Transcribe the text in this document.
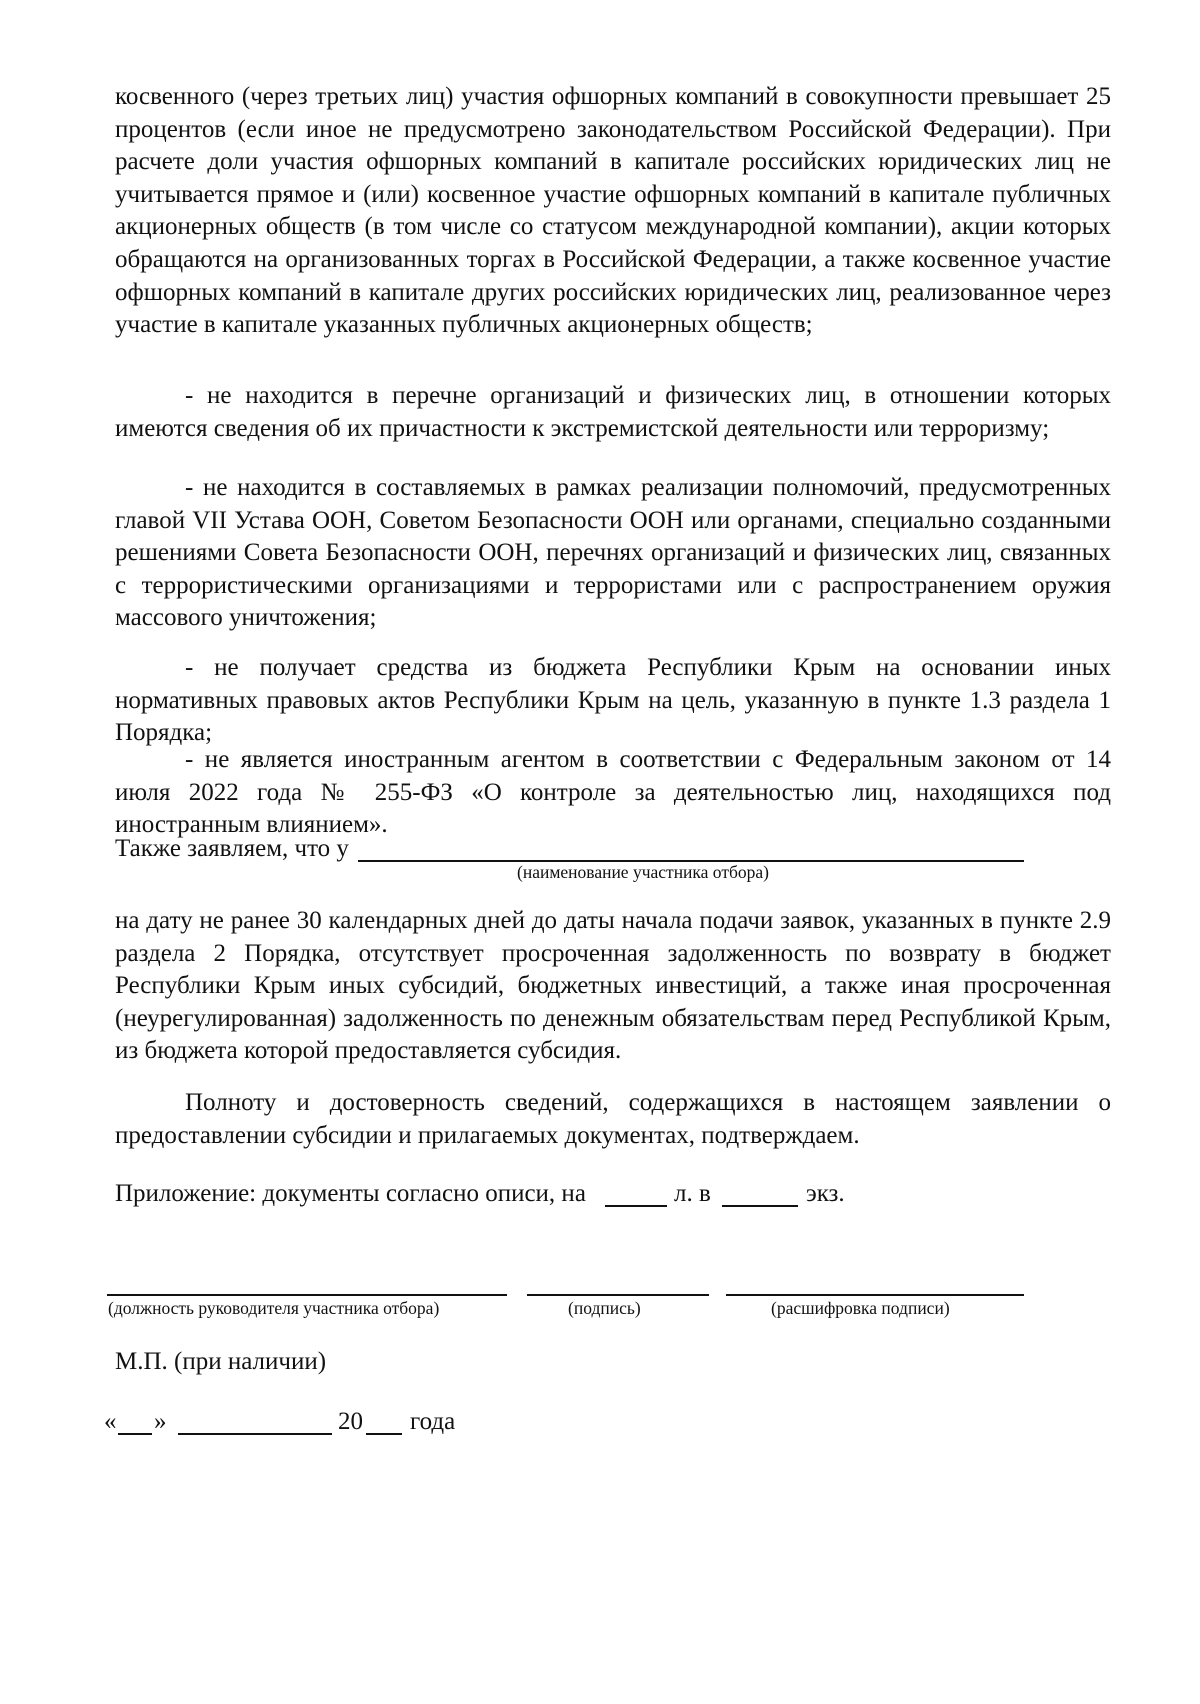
косвенного (через третьих лиц) участия офшорных компаний в совокупности превышает 25 процентов (если иное не предусмотрено законодательством Российской Федерации). При расчете доли участия офшорных компаний в капитале российских юридических лиц не учитывается прямое и (или) косвенное участие офшорных компаний в капитале публичных акционерных обществ (в том числе со статусом международной компании), акции которых обращаются на организованных торгах в Российской Федерации, а также косвенное участие офшорных компаний в капитале других российских юридических лиц, реализованное через участие в капитале указанных публичных акционерных обществ;

- не находится в перечне организаций и физических лиц, в отношении которых имеются сведения об их причастности к экстремистской деятельности или терроризму;

- не находится в составляемых в рамках реализации полномочий, предусмотренных главой VII Устава ООН, Советом Безопасности ООН или органами, специально созданными решениями Совета Безопасности ООН, перечнях организаций и физических лиц, связанных с террористическими организациями и террористами или с распространением оружия массового уничтожения;

- не получает средства из бюджета Республики Крым на основании иных нормативных правовых актов Республики Крым на цель, указанную в пункте 1.3 раздела 1 Порядка;

- не является иностранным агентом в соответствии с Федеральным законом от 14 июля 2022 года № 255-ФЗ «О контроле за деятельностью лиц, находящихся под иностранным влиянием».

Также заявляем, что у
(наименование участника отбора)

на дату не ранее 30 календарных дней до даты начала подачи заявок, указанных в пункте 2.9 раздела 2 Порядка, отсутствует просроченная задолженность по возврату в бюджет Республики Крым иных субсидий, бюджетных инвестиций, а также иная просроченная (неурегулированная) задолженность по денежным обязательствам перед Республикой Крым, из бюджета которой предоставляется субсидия.

Полноту и достоверность сведений, содержащихся в настоящем заявлении о предоставлении субсидии и прилагаемых документах, подтверждаем.

Приложение: документы согласно описи, на	л. в	экз.
(должность руководителя участника отбора)	(подпись)	(расшифровка подписи)
М.П. (при наличии)
« »	20 года
